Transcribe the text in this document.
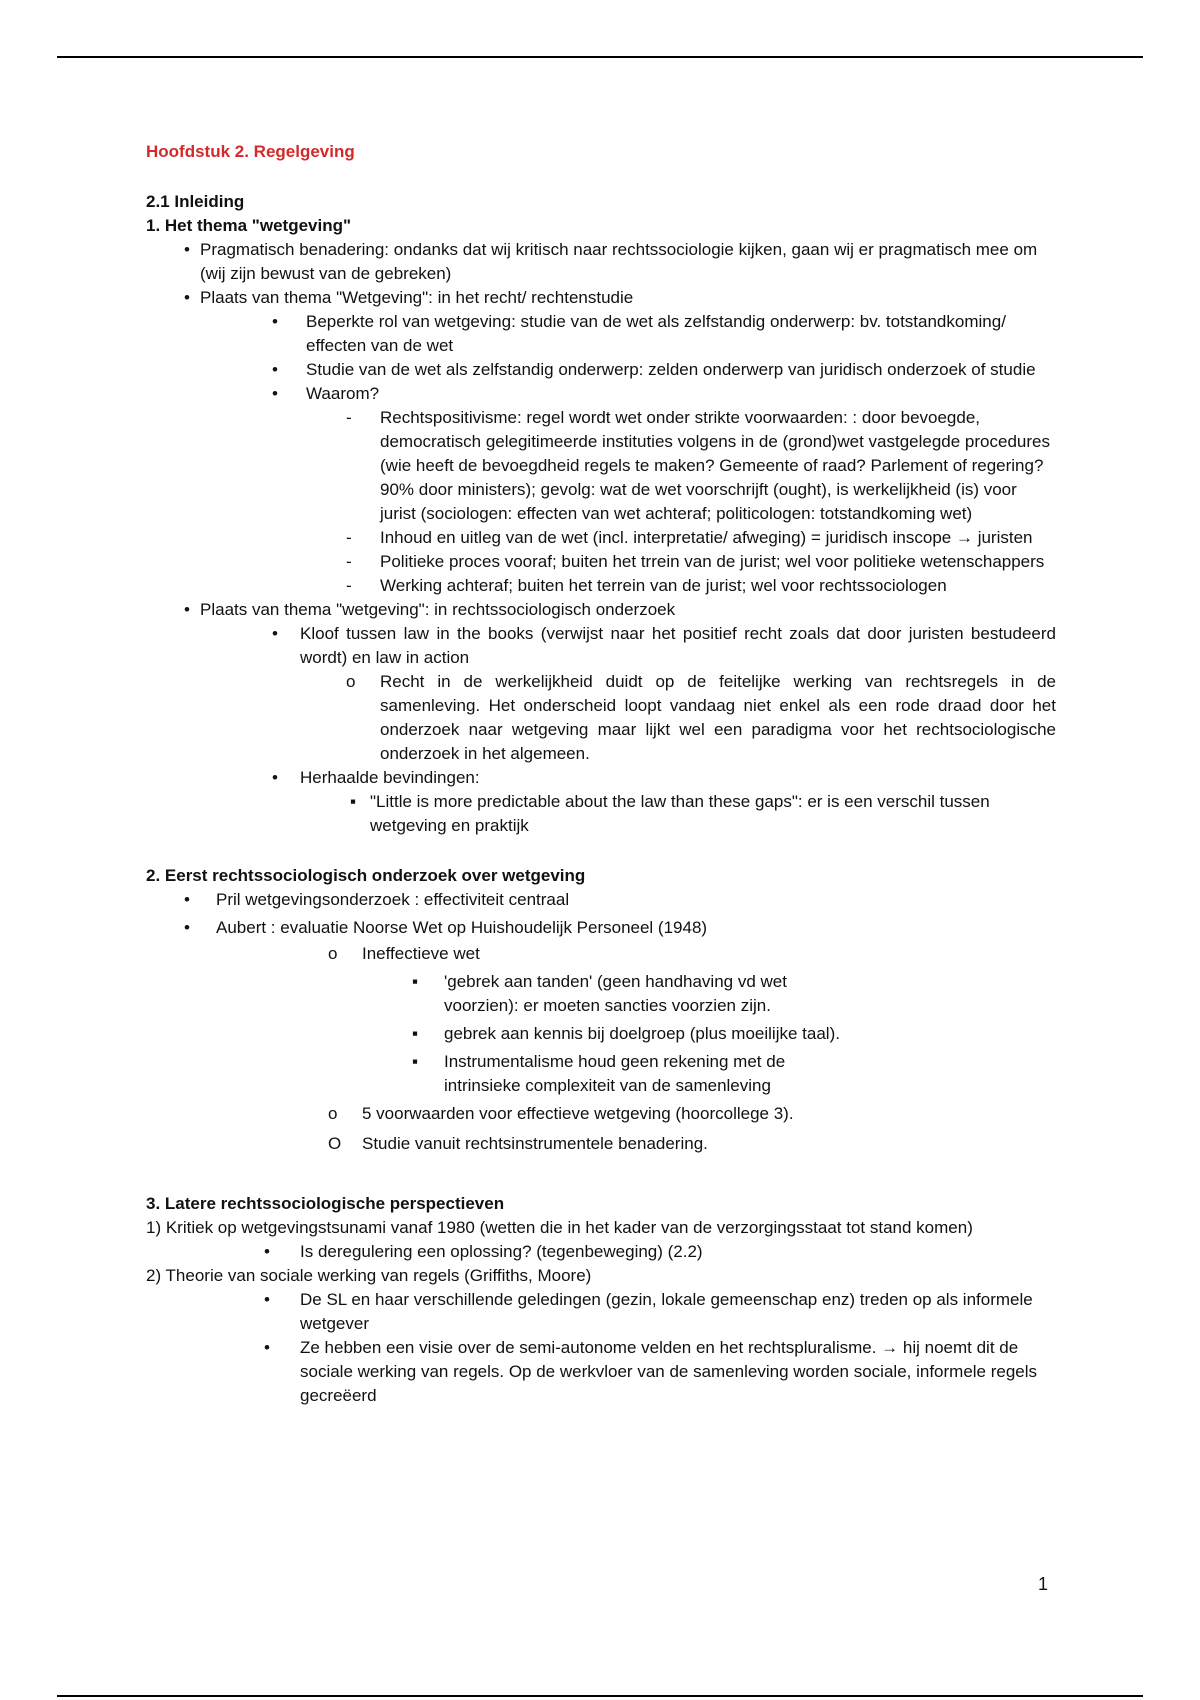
Hoofdstuk 2. Regelgeving

2.1 Inleiding

1. Het thema "wetgeving"

• Pragmatisch benadering: ondanks dat wij kritisch naar rechtssociologie kijken, gaan wij er pragmatisch mee om (wij zijn bewust van de gebreken)
• Plaats van thema "Wetgeving": in het recht/ rechtenstudie
• Beperkte rol van wetgeving: studie van de wet als zelfstandig onderwerp: bv. totstandkoming/ effecten van de wet
• Studie van de wet als zelfstandig onderwerp: zelden onderwerp van juridisch onderzoek of studie
• Waarom?
- Rechtspositivisme: regel wordt wet onder strikte voorwaarden: : door bevoegde, democratisch gelegitimeerde instituties volgens in de (grond)wet vastgelegde procedures (wie heeft de bevoegdheid regels te maken? Gemeente of raad? Parlement of regering? 90% door ministers); gevolg: wat de wet voorschrijft (ought), is werkelijkheid (is) voor jurist (sociologen: effecten van wet achteraf; politicologen: totstandkoming wet)
- Inhoud en uitleg van de wet (incl. interpretatie/ afweging) = juridisch inscope → juristen
- Politieke proces vooraf; buiten het trrein van de jurist; wel voor politieke wetenschappers
- Werking achteraf; buiten het terrein van de jurist; wel voor rechtssociologen
• Plaats van thema "wetgeving": in rechtssociologisch onderzoek
• Kloof tussen law in the books (verwijst naar het positief recht zoals dat door juristen bestudeerd wordt) en law in action
o Recht in de werkelijkheid duidt op de feitelijke werking van rechtsregels in de samenleving. Het onderscheid loopt vandaag niet enkel als een rode draad door het onderzoek naar wetgeving maar lijkt wel een paradigma voor het rechtsociologische onderzoek in het algemeen.
• Herhaalde bevindingen:
▪ "Little is more predictable about the law than these gaps": er is een verschil tussen wetgeving en praktijk

2. Eerst rechtssociologisch onderzoek over wetgeving

• Pril wetgevingsonderzoek : effectiviteit centraal
• Aubert : evaluatie Noorse Wet op Huishoudelijk Personeel (1948)
o Ineffectieve wet
▪ 'gebrek aan tanden' (geen handhaving vd wet voorzien): er moeten sancties voorzien zijn.
▪ gebrek aan kennis bij doelgroep (plus moeilijke taal).
▪ Instrumentalisme houd geen rekening met de intrinsieke complexiteit van de samenleving
o 5 voorwaarden voor effectieve wetgeving (hoorcollege 3).
O Studie vanuit rechtsinstrumentele benadering.

3. Latere rechtssociologische perspectieven

1) Kritiek op wetgevingstsunami vanaf 1980 (wetten die in het kader van de verzorgingsstaat tot stand komen)

• Is deregulering een oplossing? (tegenbeweging) (2.2)

2) Theorie van sociale werking van regels (Griffiths, Moore)

• De SL en haar verschillende geledingen (gezin, lokale gemeenschap enz) treden op als informele wetgever
• Ze hebben een visie over de semi-autonome velden en het rechtspluralisme. → hij noemt dit de sociale werking van regels. Op de werkvloer van de samenleving worden sociale, informele regels gecreëerd
1
